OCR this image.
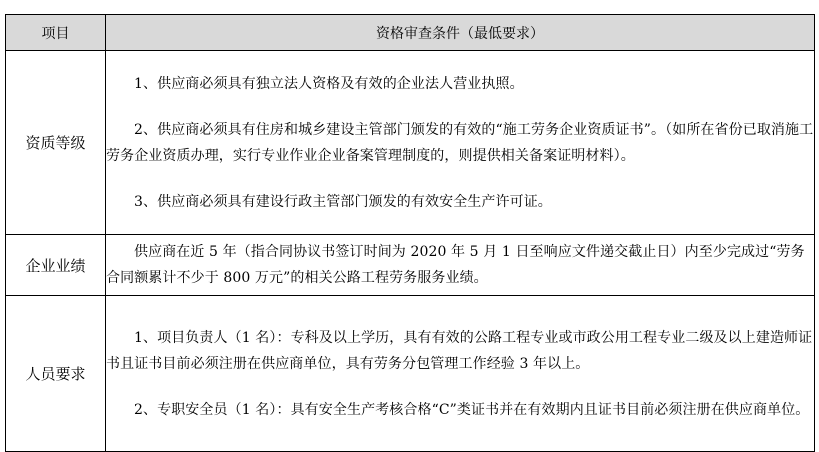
项目	资格审查条件（最低要求）
资质等级	1、供应商必须具有独立法人资格及有效的企业法人营业执照。

2、供应商必须具有住房和城乡建设主管部门颁发的有效的“施工劳务企业资质证书”。（如所在省份已取消施工劳务企业资质办理，实行专业作业企业备案管理制度的，则提供相关备案证明材料）。

3、供应商必须具有建设行政主管部门颁发的有效安全生产许可证。

企业业绩	供应商在近 5 年（指合同协议书签订时间为 2020 年 5 月 1 日至响应文件递交截止日）内至少完成过“劳务合同额累计不少于 800 万元”的相关公路工程劳务服务业绩。

人员要求	1、项目负责人（1 名）：专科及以上学历，具有有效的公路工程专业或市政公用工程专业二级及以上建造师证书且证书目前必须注册在供应商单位，具有劳务分包管理工作经验 3 年以上。

2、专职安全员（1 名）：具有安全生产考核合格“C”类证书并在有效期内且证书目前必须注册在供应商单位。
